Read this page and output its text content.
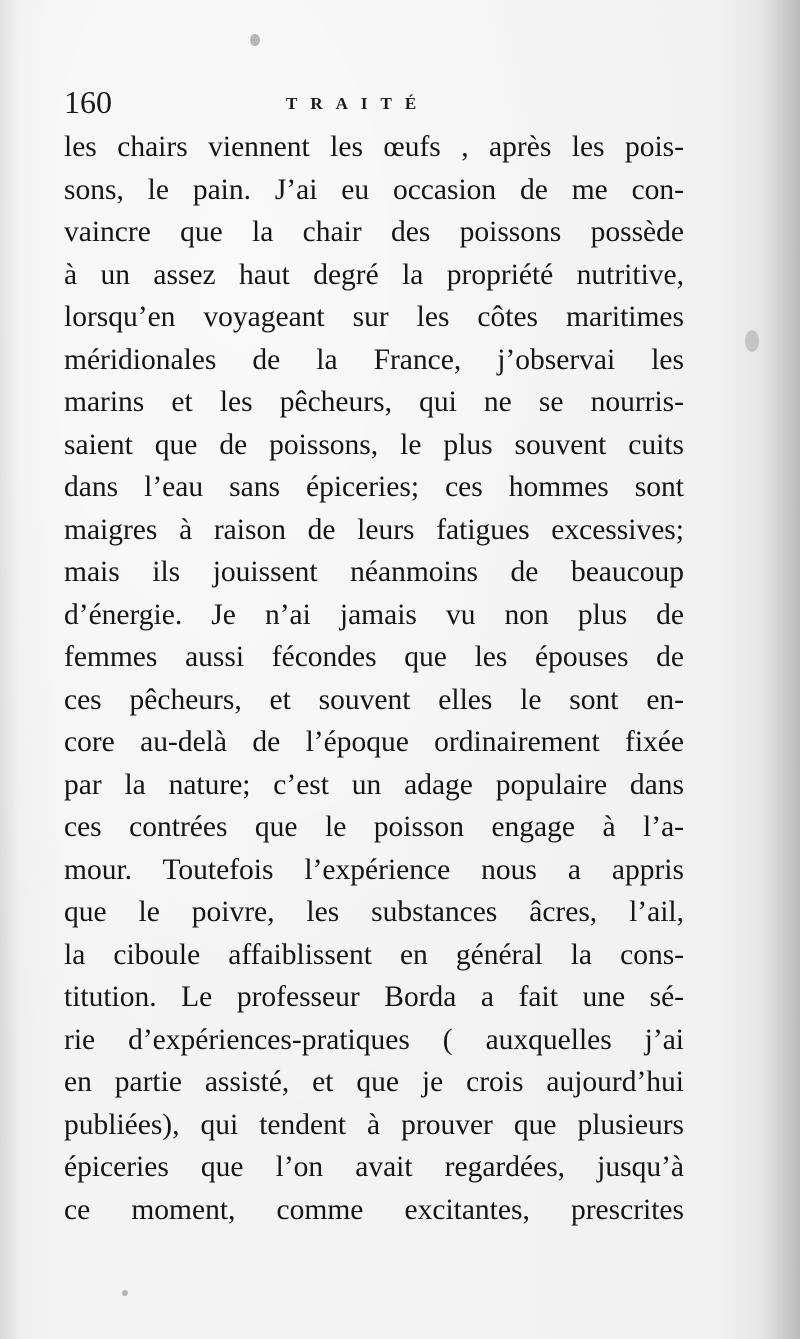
160	TRAITÉ
les chairs viennent les œufs , après les pois-
sons, le pain. J’ai eu occasion de me con-
vaincre que la chair des poissons possède
à un assez haut degré la propriété nutritive,
lorsqu’en voyageant sur les côtes maritimes
méridionales de la France, j’observai les
marins et les pêcheurs, qui ne se nourris-
saient que de poissons, le plus souvent cuits
dans l’eau sans épiceries; ces hommes sont
maigres à raison de leurs fatigues excessives;
mais ils jouissent néanmoins de beaucoup
d’énergie. Je n’ai jamais vu non plus de
femmes aussi fécondes que les épouses de
ces pêcheurs, et souvent elles le sont en-
core au-delà de l’époque ordinairement fixée
par la nature; c’est un adage populaire dans
ces contrées que le poisson engage à l’a-
mour. Toutefois l’expérience nous a appris
que le poivre, les substances âcres, l’ail,
la ciboule affaiblissent en général la cons-
titution. Le professeur Borda a fait une sé-
rie d’expériences-pratiques ( auxquelles j’ai
en partie assisté, et que je crois aujourd’hui
publiées), qui tendent à prouver que plusieurs
épiceries que l’on avait regardées, jusqu’à
ce moment, comme excitantes, prescrites
